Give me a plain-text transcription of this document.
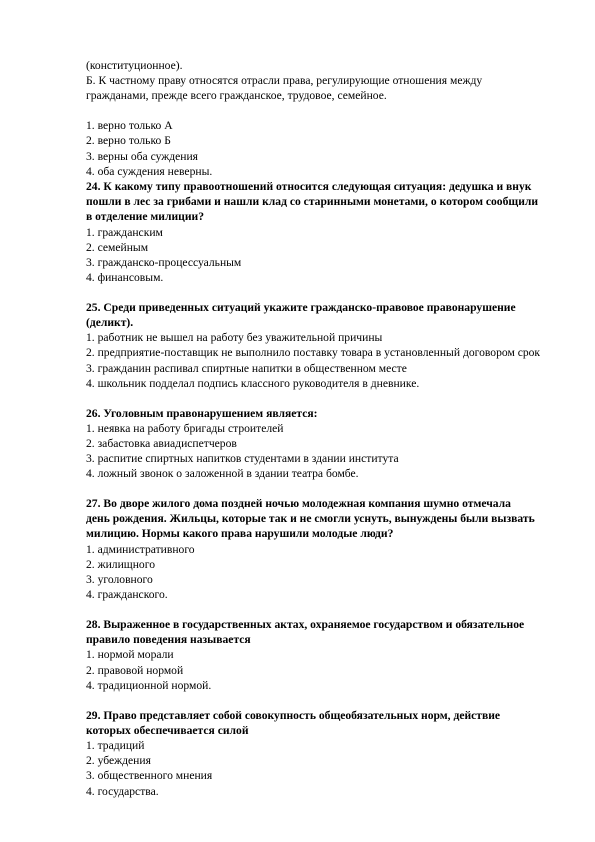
(конституционное).
Б. К частному праву относятся отрасли права, регулирующие отношения между
гражданами, прежде всего гражданское, трудовое, семейное.
1. верно только А
2. верно только Б
3. верны оба суждения
4. оба суждения неверны.
24. К какому типу правоотношений относится следующая ситуация: дедушка и внук
пошли в лес за грибами и нашли клад со старинными монетами, о котором сообщили
в отделение милиции?
1. гражданским
2. семейным
3. гражданско-процессуальным
4. финансовым.
25. Среди приведенных ситуаций укажите гражданско-правовое правонарушение
(деликт).
1. работник не вышел на работу без уважительной причины
2. предприятие-поставщик не выполнило поставку товара в установленный договором срок
3. гражданин распивал спиртные напитки в общественном месте
4. школьник подделал подпись классного руководителя в дневнике.
26. Уголовным правонарушением является:
1. неявка на работу бригады строителей
2. забастовка авиадиспетчеров
3. распитие спиртных напитков студентами в здании института
4. ложный звонок о заложенной в здании театра бомбе.
27. Во дворе жилого дома поздней ночью молодежная компания шумно отмечала
день рождения. Жильцы, которые так и не смогли уснуть, вынуждены были вызвать
милицию. Нормы какого права нарушили молодые люди?
1. административного
2. жилищного
3. уголовного
4. гражданского.
28. Выраженное в государственных актах, охраняемое государством и обязательное
правило поведения называется
1. нормой морали
2. правовой нормой
4. традиционной нормой.
29. Право представляет собой совокупность общеобязательных норм, действие
которых обеспечивается силой
1. традиций
2. убеждения
3. общественного мнения
4. государства.
